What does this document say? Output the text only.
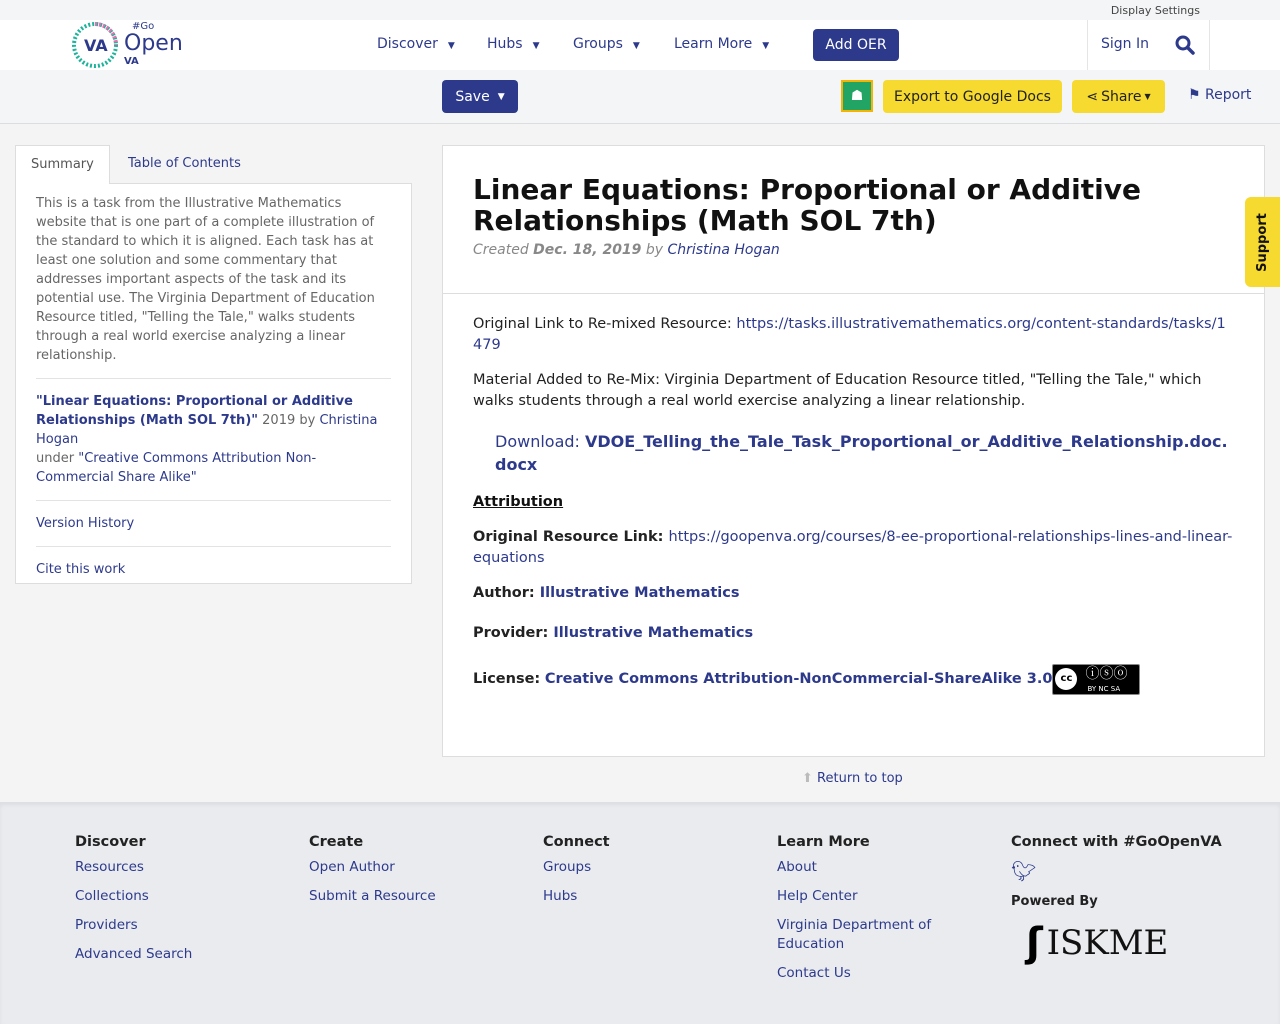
Display Settings
VA
#Go
Open
VA
Discover ▼ Hubs ▼ Groups ▼ Learn More ▼	Add OER	Sign In
Save ▼	☗	Export to Google Docs	⋖ Share ▼	⚑ Report
Summary	Table of Contents

This is a task from the Illustrative Mathematics website that is one part of a complete illustration of the standard to which it is aligned. Each task has at least one solution and some commentary that addresses important aspects of the task and its potential use. The Virginia Department of Education Resource titled, "Telling the Tale," walks students through a real world exercise analyzing a linear relationship.

"Linear Equations: Proportional or Additive Relationships (Math SOL 7th)" 2019 by Christina Hogan
under "Creative Commons Attribution Non-Commercial Share Alike"

Version History
Cite this work
Linear Equations: Proportional or Additive Relationships (Math SOL 7th)

Created Dec. 18, 2019 by Christina Hogan

Original Link to Re-mixed Resource: https://tasks.illustrativemathematics.org/content-standards/tasks/1479

Material Added to Re-Mix: Virginia Department of Education Resource titled, "Telling the Tale," which walks students through a real world exercise analyzing a linear relationship.

Download: VDOE_Telling_the_Tale_Task_Proportional_or_Additive_Relationship.doc.docx

Attribution

Original Resource Link: https://goopenva.org/courses/8-ee-proportional-relationships-lines-and-linear-equations

Author: Illustrative Mathematics

Provider: Illustrative Mathematics

License:
Creative Commons Attribution-NonCommercial-ShareAlike 3.0 cc ⓘⓢⓞ
BY NC SA

Support
⬆ Return to top
Discover
Resources
Collections
Providers
Advanced Search
Create
Open Author
Submit a Resource
Connect
Groups
Hubs
Learn More
About
Help Center
Virginia Department of Education
Contact Us
Connect with #GoOpenVA
🐦︎
Powered By
ʃ ISKME
